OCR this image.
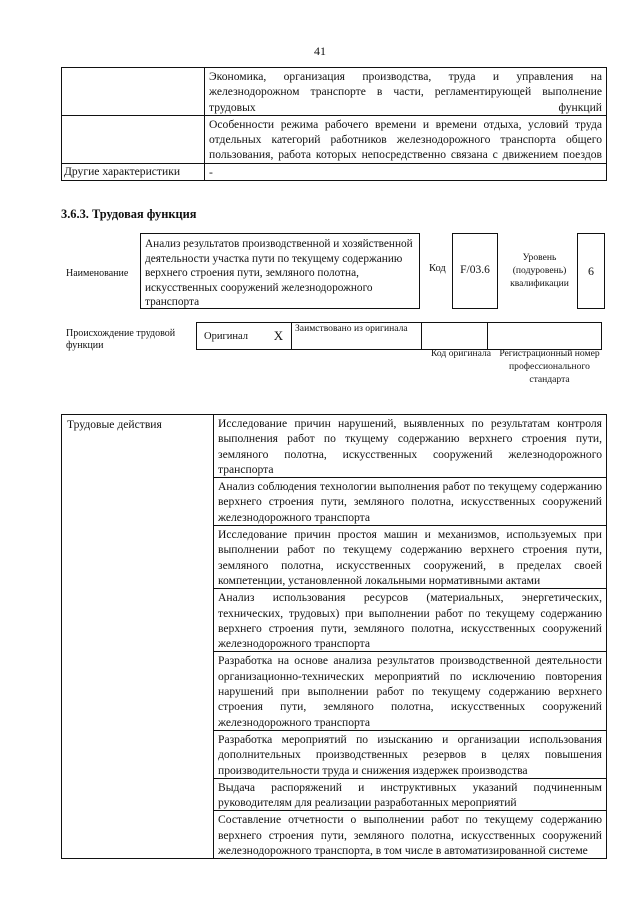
41
	Экономика, организация производства, труда и управления на железнодорожном транспорте в части, регламентирующей выполнение трудовых функций
	Особенности режима рабочего времени и времени отдыха, условий труда отдельных категорий работников железнодорожного транспорта общего пользования, работа которых непосредственно связана с движением поездов
Другие характеристики	-
3.6.3. Трудовая функция
Наименование
Анализ результатов производственной и хозяйственной деятельности участка пути по текущему содержанию верхнего строения пути, земляного полотна, искусственных сооружений железнодорожного транспорта
Код	F/03.6
Уровень (подуровень) квалификации
6
Происхождение трудовой функции
Оригинал	X	Заимствовано из оригинала		
Код оригинала Регистрационный номер профессионального стандарта
Трудовые действия	Исследование причин нарушений, выявленных по результатам контроля выполнения работ по ткущему содержанию верхнего строения пути, земляного полотна, искусственных сооружений железнодорожного транспорта
Анализ соблюдения технологии выполнения работ по текущему содержанию верхнего строения пути, земляного полотна, искусственных сооружений железнодорожного транспорта
Исследование причин простоя машин и механизмов, используемых при выполнении работ по текущему содержанию верхнего строения пути, земляного полотна, искусственных сооружений, в пределах своей компетенции, установленной локальными нормативными актами
Анализ использования ресурсов (материальных, энергетических, технических, трудовых) при выполнении работ по текущему содержанию верхнего строения пути, земляного полотна, искусственных сооружений железнодорожного транспорта
Разработка на основе анализа результатов производственной деятельности организационно-технических мероприятий по исключению повторения нарушений при выполнении работ по текущему содержанию верхнего строения пути, земляного полотна, искусственных сооружений железнодорожного транспорта
Разработка мероприятий по изысканию и организации использования дополнительных производственных резервов в целях повышения производительности труда и снижения издержек производства
Выдача распоряжений и инструктивных указаний подчиненным руководителям для реализации разработанных мероприятий
Составление отчетности о выполнении работ по текущему содержанию верхнего строения пути, земляного полотна, искусственных сооружений железнодорожного транспорта, в том числе в автоматизированной системе
